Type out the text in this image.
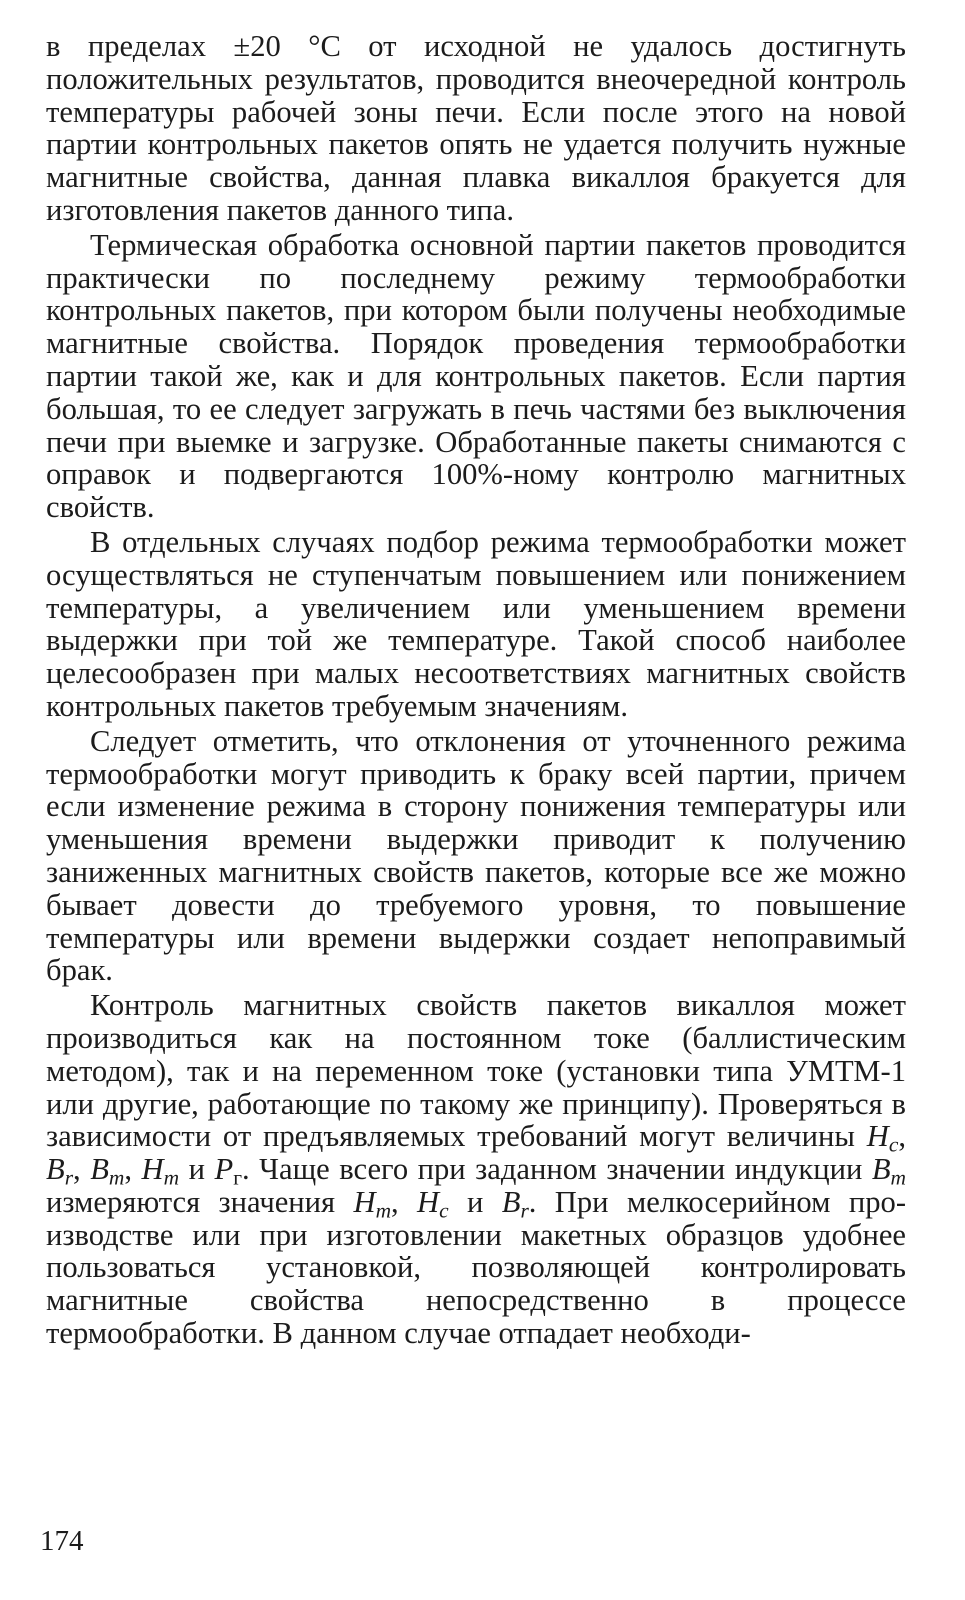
в пределах ±20 °С от исходной не удалось достигнуть положительных результатов, проводится внеочередной контроль температуры рабочей зоны печи. Если после этого на новой партии контрольных пакетов опять не удается получить нужные магнитные свойства, данная плавка викаллоя бракуется для изготовления пакетов данного типа.

Термическая обработка основной партии пакетов проводится практически по последнему режиму термообработки контрольных пакетов, при котором были получены необходимые магнитные свойства. Порядок проведения термообработки партии такой же, как и для контрольных пакетов. Если партия большая, то ее следует загружать в печь частями без выключения печи при выемке и загрузке. Обработанные пакеты снимаются с оправок и подвергаются 100%-ному контролю магнитных свойств.

В отдельных случаях подбор режима термообработки может осуществляться не ступенчатым повышением или понижением температуры, а увеличением или уменьшением времени выдержки при той же температуре. Такой способ наиболее целесообразен при малых несоответствиях магнитных свойств контрольных пакетов требуемым значениям.

Следует отметить, что отклонения от уточненного режима термообработки могут приводить к браку всей партии, причем если изменение режима в сторону понижения температуры или уменьшения времени выдержки приводит к получению заниженных магнитных свойств пакетов, которые все же можно бывает довести до требуемого уровня, то повышение температуры или времени выдержки создает непоправимый брак.

Контроль магнитных свойств пакетов викаллоя может производиться как на постоянном токе (баллистическим методом), так и на переменном токе (установки типа УМТМ-1 или другие, работающие по такому же принципу). Проверяться в зависимости от предъявляемых требований могут величины $H_c$, $B_r$, $B_m$, $H_m$ и $P_г$. Чаще всего при заданном значении индукции $B_m$ измеряются значения $H_m$, $H_c$ и $B_r$. При мелкосерийном производстве или при изготовлении макетных образцов удобнее пользоваться установкой, позволяющей контролировать магнитные свойства непосредственно в процессе термообработки. В данном случае отпадает необходи-

174
